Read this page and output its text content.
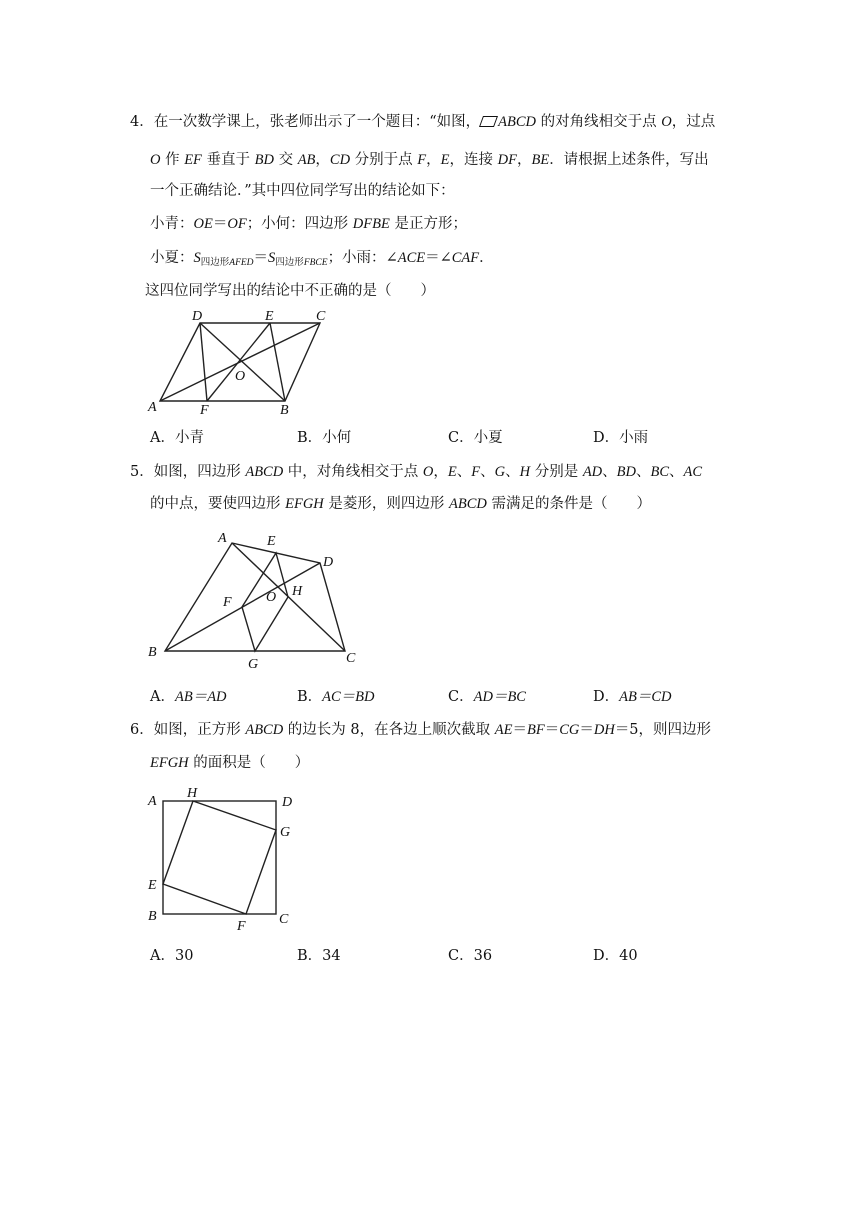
4．在一次数学课上，张老师出示了一个题目：“如图， ABCD 的对角线相交于点 O，过点
O 作 EF 垂直于 BD 交 AB，CD 分别于点 F，E，连接 DF，BE．请根据上述条件，写出
一个正确结论．”其中四位同学写出的结论如下：
小青：OE＝OF；小何：四边形 DFBE 是正方形；
小夏：$S_{四边形AFED}=S_{四边形FBCE}$；小雨：∠ACE＝∠CAF．
这四位同学写出的结论中不正确的是（　　）
D	E	C
O
A	F	B
A．小青	B．小何	C．小夏	D．小雨
5．如图，四边形 ABCD 中，对角线相交于点 O，E、F、G、H 分别是 AD、BD、BC、AC
的中点，要使四边形 EFGH 是菱形，则四边形 ABCD 需满足的条件是（　　）
A	E
D
F O H
B
G	C
A．AB＝AD	B．AC＝BD	C．AD＝BC	D．AB＝CD
6．如图，正方形 ABCD 的边长为 8，在各边上顺次截取 AE＝BF＝CG＝DH＝5，则四边形
EFGH 的面积是（　　）
A
H
D
G
E
B
F C
A．30	B．34	C．36	D．40
